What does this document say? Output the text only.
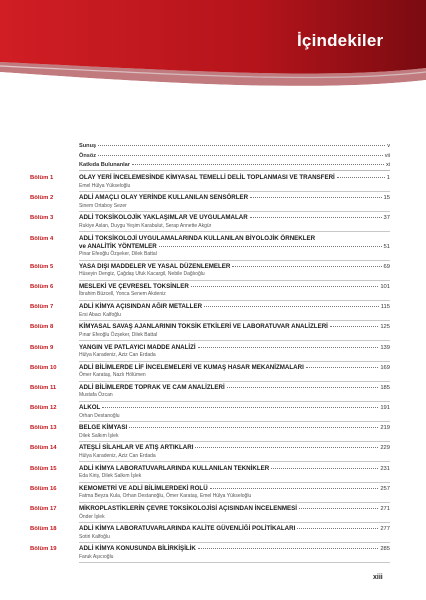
İçindekiler
Sunuş	v
Önsöz	vii
Katkıda Bulunanlar	xi
Bölüm 1	OLAY YERİ İNCELEMESİNDE KİMYASAL TEMELLİ DELİL TOPLANMASI VE TRANSFERİ	1
Emel Hülya Yükseloğlu
Bölüm 2	ADLİ AMAÇLI OLAY YERİNDE KULLANILAN SENSÖRLER	15
Sinem Ortaboy Sezer
Bölüm 3	ADLİ TOKSİKOLOJİK YAKLAŞIMLAR VE UYGULAMALAR	37
Rukiye Aslan, Duygu Yeşim Karabulut, Serap Annette Akgür
Bölüm 4	ADLİ TOKSİKOLOJİ UYGULAMALARINDA KULLANILAN BİYOLOJİK ÖRNEKLER
ve ANALİTİK YÖNTEMLER	51
Pinar Efeoğlu Özşeker, Dilek Battal
Bölüm 5	YASA DIŞI MADDELER VE YASAL DÜZENLEMELER	69
Hüseyin Dengiz, Çağdaş Ufuk Kacargil, Nebile Dağlıoğlu
Bölüm 6	MESLEKİ VE ÇEVRESEL TOKSİNLER	101
İbrahim Büzcell, Yonca Senem Akdeniz
Bölüm 7	ADLİ KİMYA AÇISINDAN AĞIR METALLER	115
Ersi Abacı Kalfoğlu
Bölüm 8	KİMYASAL SAVAŞ AJANLARININ TOKSİK ETKİLERİ VE LABORATUVAR ANALİZLERİ	125
Pınar Efeoğlu Özşeker, Dilek Battal
Bölüm 9	YANGIN VE PATLAYICI MADDE ANALİZİ	139
Hülya Karadeniz, Aziz Can Erdada
Bölüm 10	ADLİ BİLİMLERDE LİF İNCELEMELERİ VE KUMAŞ HASAR MEKANİZMALARI	169
Ömer Karataş, Nazlı Hölümen
Bölüm 11	ADLİ BİLİMLERDE TOPRAK VE CAM ANALİZLERİ	185
Mustafa Özcan
Bölüm 12	ALKOL	191
Orhan Destanoğlu
Bölüm 13	BELGE KİMYASI	219
Dilek Salkım İşlek
Bölüm 14	ATEŞLİ SİLAHLAR VE ATIŞ ARTIKLARI	229
Hülya Karadeniz, Aziz Can Erdada
Bölüm 15	ADLİ KİMYA LABORATUVARLARINDA KULLANILAN TEKNİKLER	231
Eda Kiriş, Dilek Salkım İşlek
Bölüm 16	KEMOMETRİ VE ADLİ BİLİMLERDEKİ ROLÜ	257
Fatma Beyza Kula, Orhan Destanoğlu, Ömer Karataş, Emel Hülya Yükseloğlu
Bölüm 17	MİKROPLASTİKLERİN ÇEVRE TOKSİKOLOJİSİ AÇISINDAN İNCELENMESİ	271
Önder İşlek
Bölüm 18	ADLİ KİMYA LABORATUVARLARINDA KALİTE GÜVENLİĞİ POLİTİKALARI	277
Sotiri Kalfoğlu
Bölüm 19	ADLİ KİMYA KONUSUNDA BİLİRKİŞİLİK	285
Faruk Aşıcıoğlu
xiii
